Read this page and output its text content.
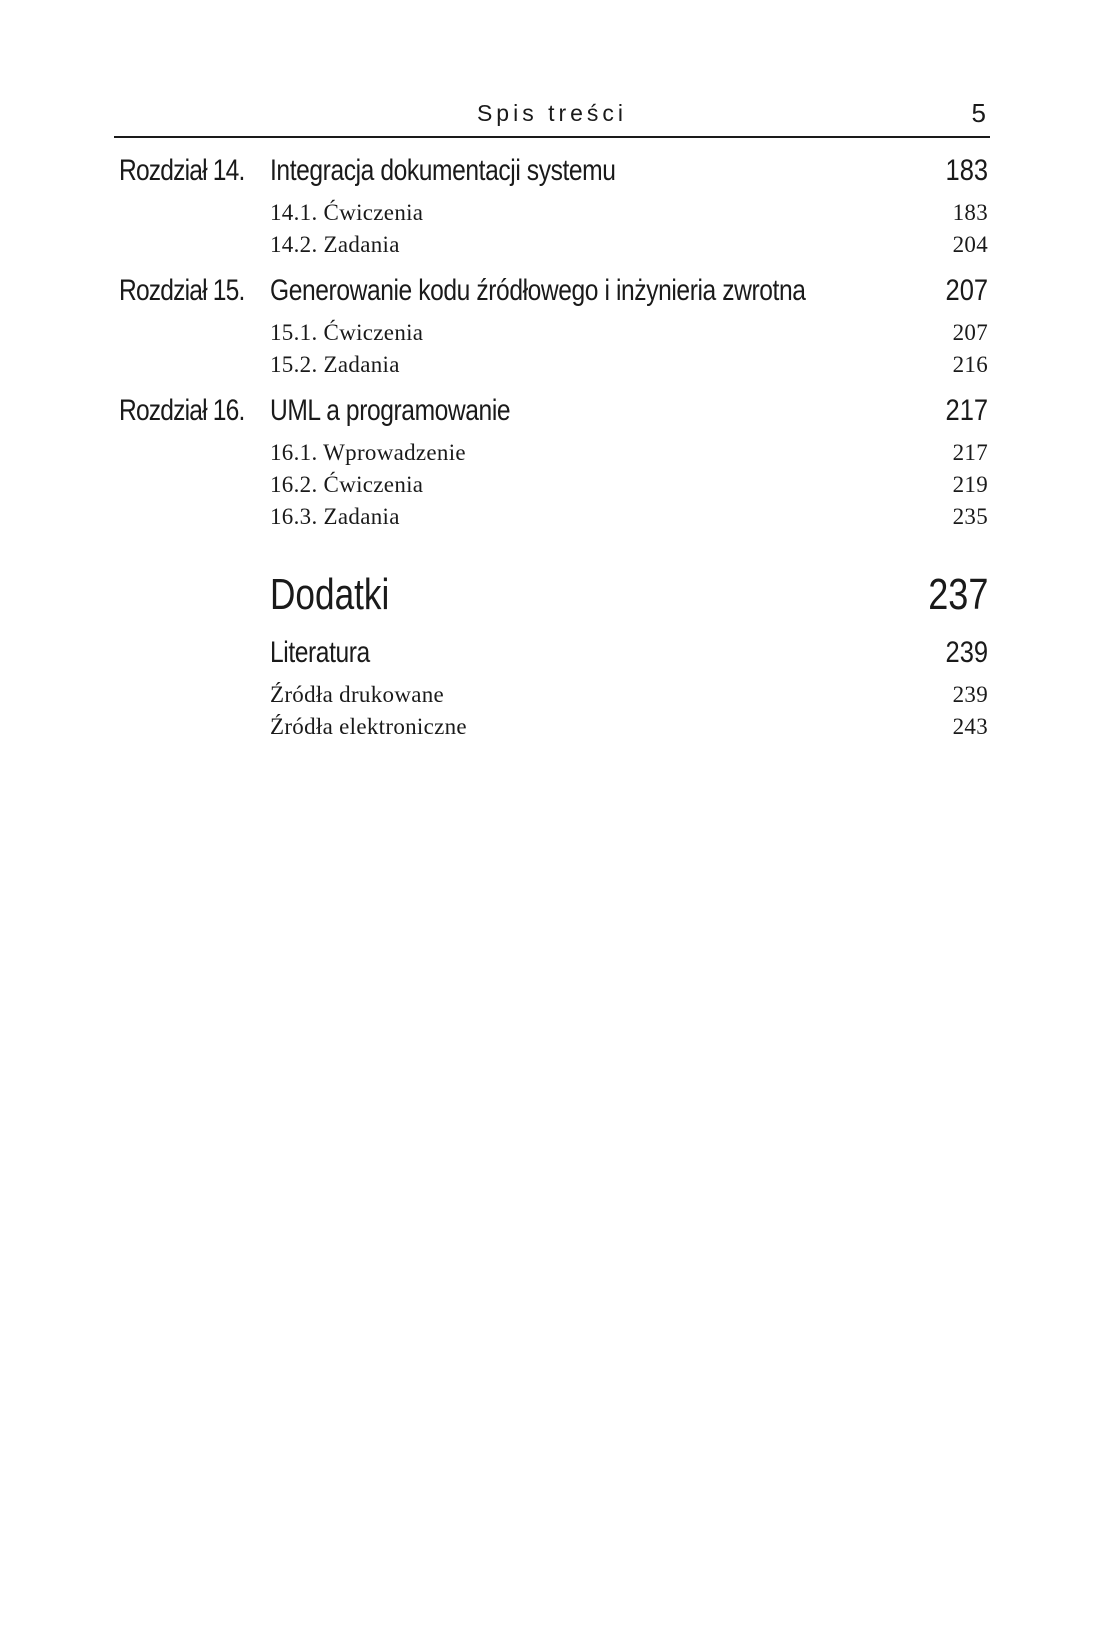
Spis treści	5
Rozdział 14. Integracja dokumentacji systemu	183
14.1. Ćwiczenia	183
14.2. Zadania	204
Rozdział 15. Generowanie kodu źródłowego i inżynieria zwrotna	207
15.1. Ćwiczenia	207
15.2. Zadania	216
Rozdział 16. UML a programowanie	217
16.1. Wprowadzenie	217
16.2. Ćwiczenia	219
16.3. Zadania	235
Dodatki	237
Literatura	239
Źródła drukowane	239
Źródła elektroniczne	243
